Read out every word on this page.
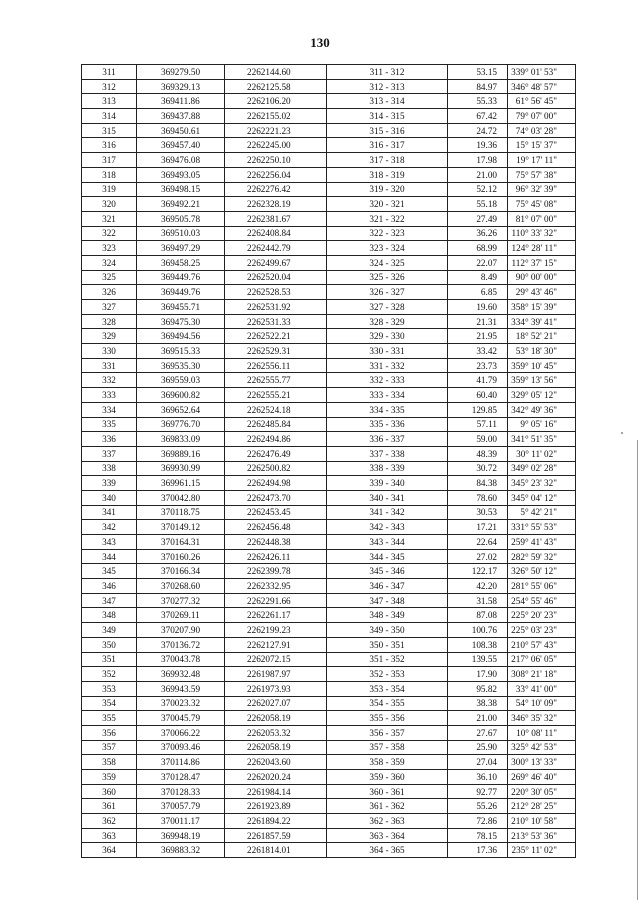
130
311	369279.50	2262144.60	311 - 312	53.15	339° 01' 53"
312	369329.13	2262125.58	312 - 313	84.97	346° 48' 57"
313	369411.86	2262106.20	313 - 314	55.33	61° 56' 45"
314	369437.88	2262155.02	314 - 315	67.42	79° 07' 00"
315	369450.61	2262221.23	315 - 316	24.72	74° 03' 28"
316	369457.40	2262245.00	316 - 317	19.36	15° 15' 37"
317	369476.08	2262250.10	317 - 318	17.98	19° 17' 11"
318	369493.05	2262256.04	318 - 319	21.00	75° 57' 38"
319	369498.15	2262276.42	319 - 320	52.12	96° 32' 39"
320	369492.21	2262328.19	320 - 321	55.18	75° 45' 08"
321	369505.78	2262381.67	321 - 322	27.49	81° 07' 00"
322	369510.03	2262408.84	322 - 323	36.26	110° 33' 32"
323	369497.29	2262442.79	323 - 324	68.99	124° 28' 11"
324	369458.25	2262499.67	324 - 325	22.07	112° 37' 15"
325	369449.76	2262520.04	325 - 326	8.49	90° 00' 00"
326	369449.76	2262528.53	326 - 327	6.85	29° 43' 46"
327	369455.71	2262531.92	327 - 328	19.60	358° 15' 39"
328	369475.30	2262531.33	328 - 329	21.31	334° 39' 41"
329	369494.56	2262522.21	329 - 330	21.95	18° 52' 21"
330	369515.33	2262529.31	330 - 331	33.42	53° 18' 30"
331	369535.30	2262556.11	331 - 332	23.73	359° 10' 45"
332	369559.03	2262555.77	332 - 333	41.79	359° 13' 56"
333	369600.82	2262555.21	333 - 334	60.40	329° 05' 12"
334	369652.64	2262524.18	334 - 335	129.85	342° 49' 36"
335	369776.70	2262485.84	335 - 336	57.11	9° 05' 16"
336	369833.09	2262494.86	336 - 337	59.00	341° 51' 35"
337	369889.16	2262476.49	337 - 338	48.39	30° 11' 02"
338	369930.99	2262500.82	338 - 339	30.72	349° 02' 28"
339	369961.15	2262494.98	339 - 340	84.38	345° 23' 32"
340	370042.80	2262473.70	340 - 341	78.60	345° 04' 12"
341	370118.75	2262453.45	341 - 342	30.53	5° 42' 21"
342	370149.12	2262456.48	342 - 343	17.21	331° 55' 53"
343	370164.31	2262448.38	343 - 344	22.64	259° 41' 43"
344	370160.26	2262426.11	344 - 345	27.02	282° 59' 32"
345	370166.34	2262399.78	345 - 346	122.17	326° 50' 12"
346	370268.60	2262332.95	346 - 347	42.20	281° 55' 06"
347	370277.32	2262291.66	347 - 348	31.58	254° 55' 46"
348	370269.11	2262261.17	348 - 349	87.08	225° 20' 23"
349	370207.90	2262199.23	349 - 350	100.76	225° 03' 23"
350	370136.72	2262127.91	350 - 351	108.38	210° 57' 43"
351	370043.78	2262072.15	351 - 352	139.55	217° 06' 05"
352	369932.48	2261987.97	352 - 353	17.90	308° 21' 18"
353	369943.59	2261973.93	353 - 354	95.82	33° 41' 00"
354	370023.32	2262027.07	354 - 355	38.38	54° 10' 09"
355	370045.79	2262058.19	355 - 356	21.00	346° 35' 32"
356	370066.22	2262053.32	356 - 357	27.67	10° 08' 11"
357	370093.46	2262058.19	357 - 358	25.90	325° 42' 53"
358	370114.86	2262043.60	358 - 359	27.04	300° 13' 33"
359	370128.47	2262020.24	359 - 360	36.10	269° 46' 40"
360	370128.33	2261984.14	360 - 361	92.77	220° 30' 05"
361	370057.79	2261923.89	361 - 362	55.26	212° 28' 25"
362	370011.17	2261894.22	362 - 363	72.86	210° 10' 58"
363	369948.19	2261857.59	363 - 364	78.15	213° 53' 36"
364	369883.32	2261814.01	364 - 365	17.36	235° 11' 02"
